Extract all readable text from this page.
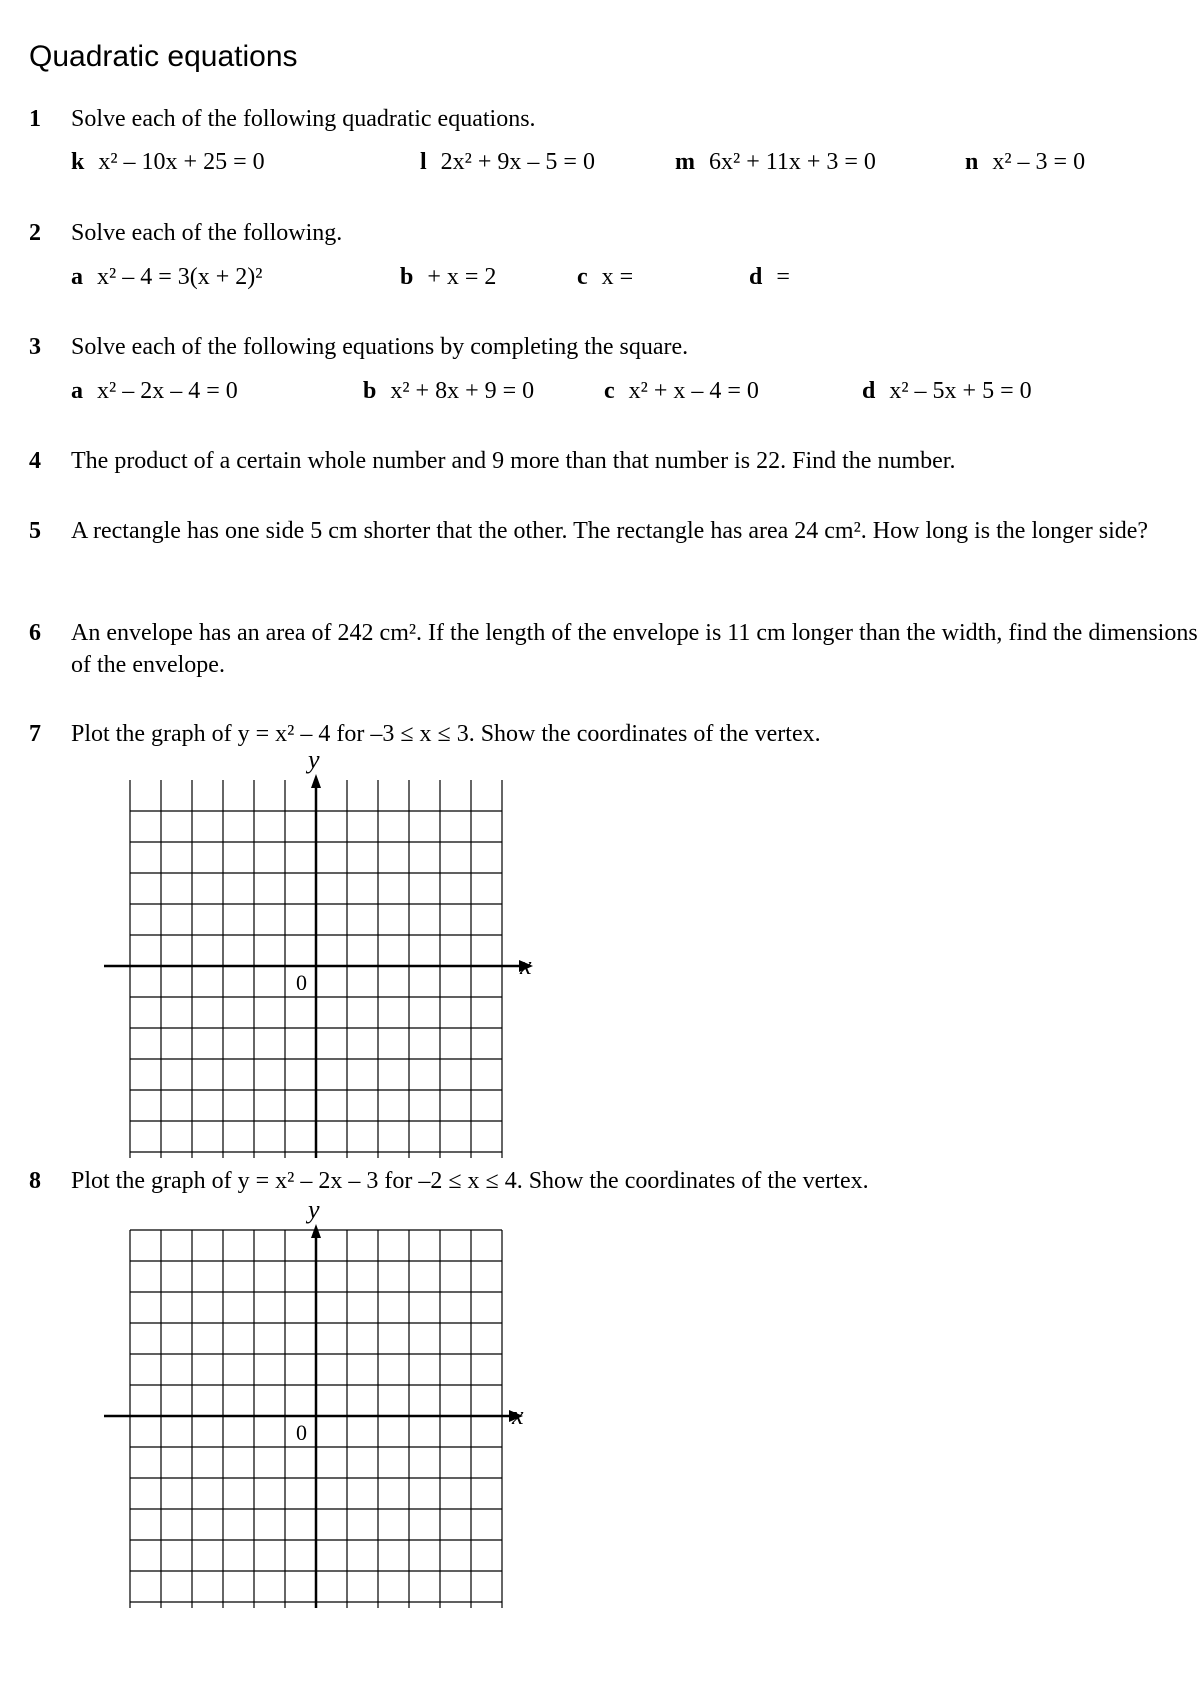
Quadratic equations
1	Solve each of the following quadratic equations.
k x² – 10x + 25 = 0	l 2x² + 9x – 5 = 0	m 6x² + 11x + 3 = 0	n x² – 3 = 0
2	Solve each of the following.
a x² – 4 = 3(x + 2)²	b + x = 2	c x =	d =
3	Solve each of the following equations by completing the square.
a x² – 2x – 4 = 0	b x² + 8x + 9 = 0	c x² + x – 4 = 0	d x² – 5x + 5 = 0
4	The product of a certain whole number and 9 more than that number is 22. Find the number.
5	A rectangle has one side 5 cm shorter that the other. The rectangle has area 24 cm². How long is the longer side?
6	An envelope has an area of 242 cm². If the length of the envelope is 11 cm longer than the width, find the dimensions of the envelope.
7	Plot the graph of y = x² – 4 for –3 ≤ x ≤ 3. Show the coordinates of the vertex.
x
y
0
8	Plot the graph of y = x² – 2x – 3 for –2 ≤ x ≤ 4. Show the coordinates of the vertex.
x
y
0
